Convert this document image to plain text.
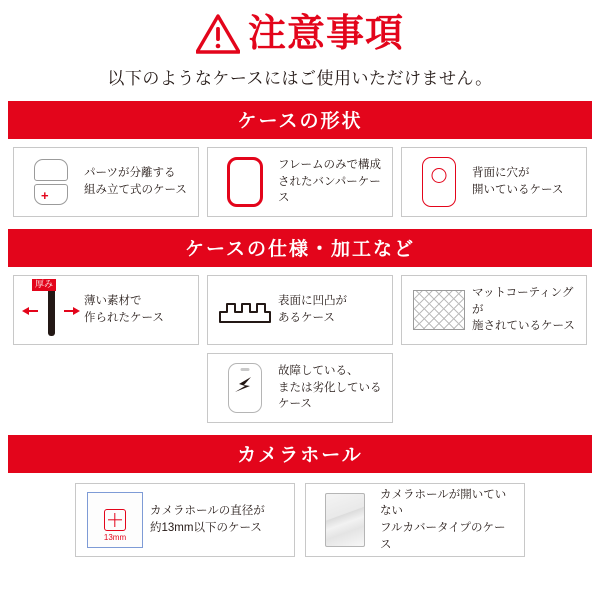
注意事項
以下のようなケースにはご使用いただけません。
ケースの形状
+
パーツが分離する
組み立て式のケース
フレームのみで構成
されたバンパーケース
背面に穴が
開いているケース
ケースの仕様・加工など
厚み
薄い素材で
作られたケース
表面に凹凸が
あるケース
マットコーティングが
施されているケース
故障している、
または劣化しているケース
カメラホール
13mm
カメラホールの直径が
約13mm以下のケース
カメラホールが開いていない
フルカバータイプのケース
